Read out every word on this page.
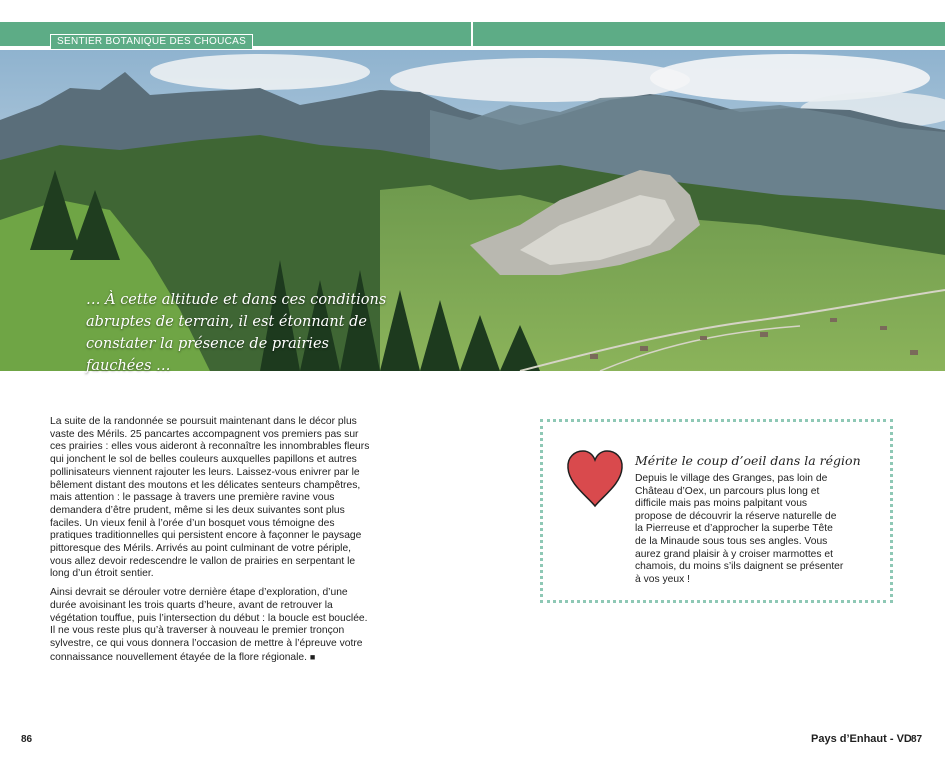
SENTIER BOTANIQUE DES CHOUCAS
… À cette altitude et dans ces conditions abruptes de terrain, il est étonnant de constater la présence de prairies fauchées …

La suite de la randonnée se poursuit maintenant dans le décor plus vaste des Mérils. 25 pancartes accompagnent vos premiers pas sur ces prairies : elles vous aideront à reconnaître les innombrables fleurs qui jonchent le sol de belles couleurs auxquelles papillons et autres pollinisateurs viennent rajouter les leurs. Laissez-vous enivrer par le bêlement distant des moutons et les délicates senteurs champêtres, mais attention : le passage à travers une première ravine vous demandera d’être prudent, même si les deux suivantes sont plus faciles. Un vieux fenil à l’orée d’un bosquet vous témoigne des pratiques traditionnelles qui persistent encore à façonner le paysage pittoresque des Mérils. Arrivés au point culminant de votre périple, vous allez devoir redescendre le vallon de prairies en serpentant le long d’un étroit sentier.

Ainsi devrait se dérouler votre dernière étape d’exploration, d’une durée avoisinant les trois quarts d’heure, avant de retrouver la végétation touffue, puis l’intersection du début : la boucle est bouclée. Il ne vous reste plus qu’à traverser à nouveau le premier tronçon sylvestre, ce qui vous donnera l’occasion de mettre à l’épreuve votre connaissance nouvellement étayée de la flore régionale. ■

Mérite le coup d’oeil dans la région
Depuis le village des Granges, pas loin de Château d’Oex, un parcours plus long et difficile mais pas moins palpitant vous propose de découvrir la réserve naturelle de la Pierreuse et d’approcher la superbe Tête de la Minaude sous tous ses angles. Vous aurez grand plaisir à y croiser marmottes et chamois, du moins s’ils daignent se présenter à vos yeux !
86	Pays d’Enhaut - VD 87
